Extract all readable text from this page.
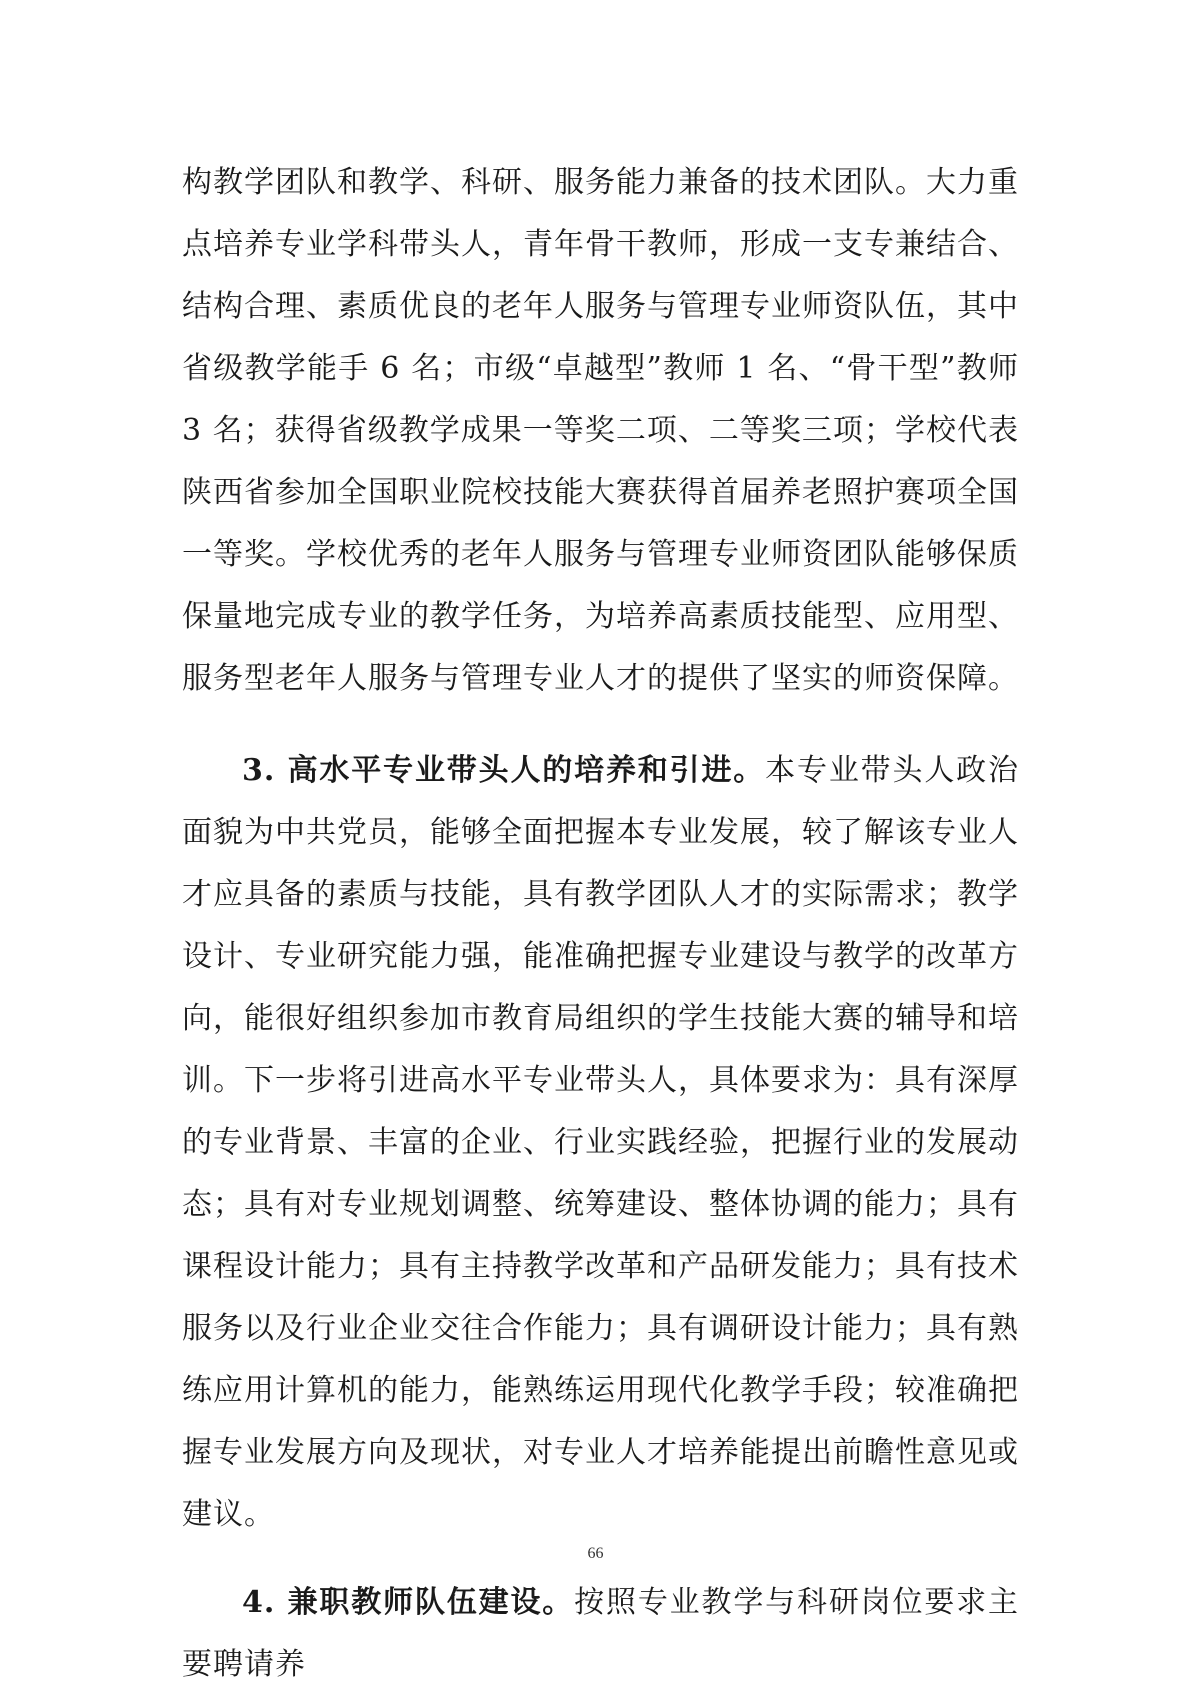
构教学团队和教学、科研、服务能力兼备的技术团队。大力重点培养专业学科带头人，青年骨干教师，形成一支专兼结合、结构合理、素质优良的老年人服务与管理专业师资队伍，其中省级教学能手 6 名；市级“卓越型”教师 1 名、“骨干型”教师 3 名；获得省级教学成果一等奖二项、二等奖三项；学校代表陕西省参加全国职业院校技能大赛获得首届养老照护赛项全国一等奖。学校优秀的老年人服务与管理专业师资团队能够保质保量地完成专业的教学任务，为培养高素质技能型、应用型、服务型老年人服务与管理专业人才的提供了坚实的师资保障。

3. 高水平专业带头人的培养和引进。本专业带头人政治面貌为中共党员，能够全面把握本专业发展，较了解该专业人才应具备的素质与技能，具有教学团队人才的实际需求；教学设计、专业研究能力强，能准确把握专业建设与教学的改革方向，能很好组织参加市教育局组织的学生技能大赛的辅导和培训。下一步将引进高水平专业带头人，具体要求为：具有深厚的专业背景、丰富的企业、行业实践经验，把握行业的发展动态；具有对专业规划调整、统筹建设、整体协调的能力；具有课程设计能力；具有主持教学改革和产品研发能力；具有技术服务以及行业企业交往合作能力；具有调研设计能力；具有熟练应用计算机的能力，能熟练运用现代化教学手段；较准确把握专业发展方向及现状，对专业人才培养能提出前瞻性意见或建议。

4. 兼职教师队伍建设。按照专业教学与科研岗位要求主要聘请养

66
